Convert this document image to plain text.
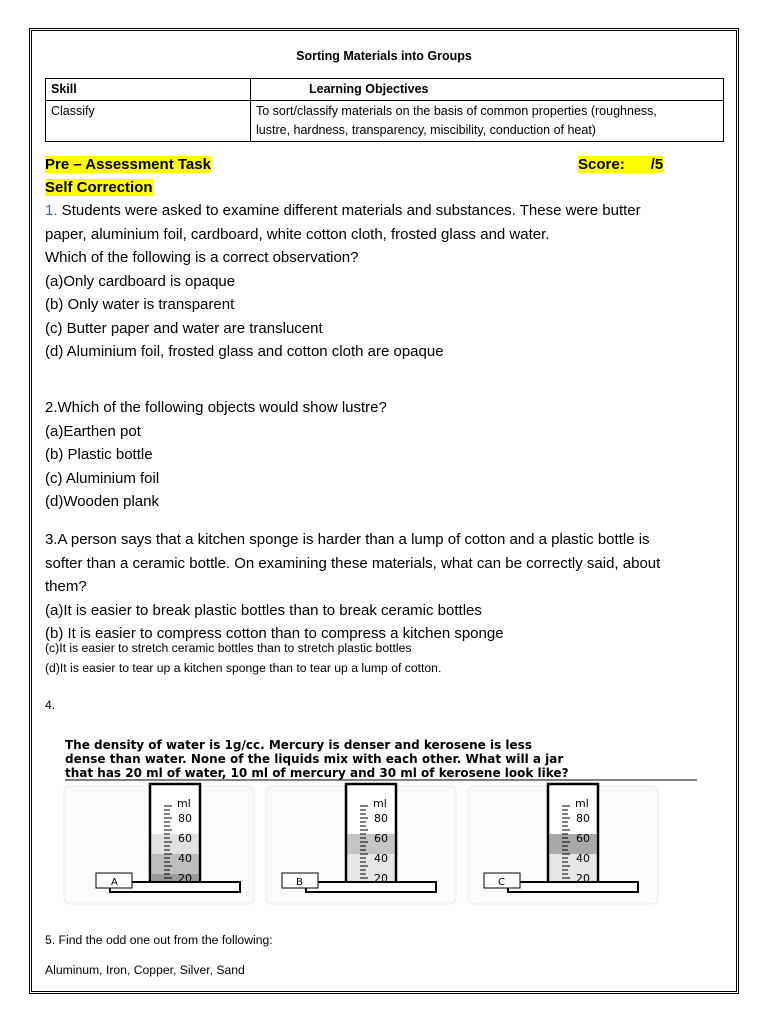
Sorting Materials into Groups
Skill	Learning Objectives
Classify	To sort/classify materials on the basis of common properties (roughness,
lustre, hardness, transparency, miscibility, conduction of heat)
Pre – Assessment Task	Score: /5
Self Correction
1. Students were asked to examine different materials and substances. These were butter
paper, aluminium foil, cardboard, white cotton cloth, frosted glass and water.
Which of the following is a correct observation?
(a)Only cardboard is opaque
(b) Only water is transparent
(c) Butter paper and water are translucent
(d) Aluminium foil, frosted glass and cotton cloth are opaque
2.Which of the following objects would show lustre?
(a)Earthen pot
(b) Plastic bottle
(c) Aluminium foil
(d)Wooden plank
3.A person says that a kitchen sponge is harder than a lump of cotton and a plastic bottle is
softer than a ceramic bottle. On examining these materials, what can be correctly said, about
them?
(a)It is easier to break plastic bottles than to break ceramic bottles
(b) It is easier to compress cotton than to compress a kitchen sponge
(c)It is easier to stretch ceramic bottles than to stretch plastic bottles
(d)It is easier to tear up a kitchen sponge than to tear up a lump of cotton.
4.
The density of water is 1g/cc. Mercury is denser and kerosene is less
dense than water. None of the liquids mix with each other. What will a jar
that has 20 ml of water, 10 ml of mercury and 30 ml of kerosene look like?
ml
80
60
40
20
A
ml
80
60
40
20
B
ml
80
60
40
20
C
5. Find the odd one out from the following:
Aluminum, Iron, Copper, Silver, Sand
